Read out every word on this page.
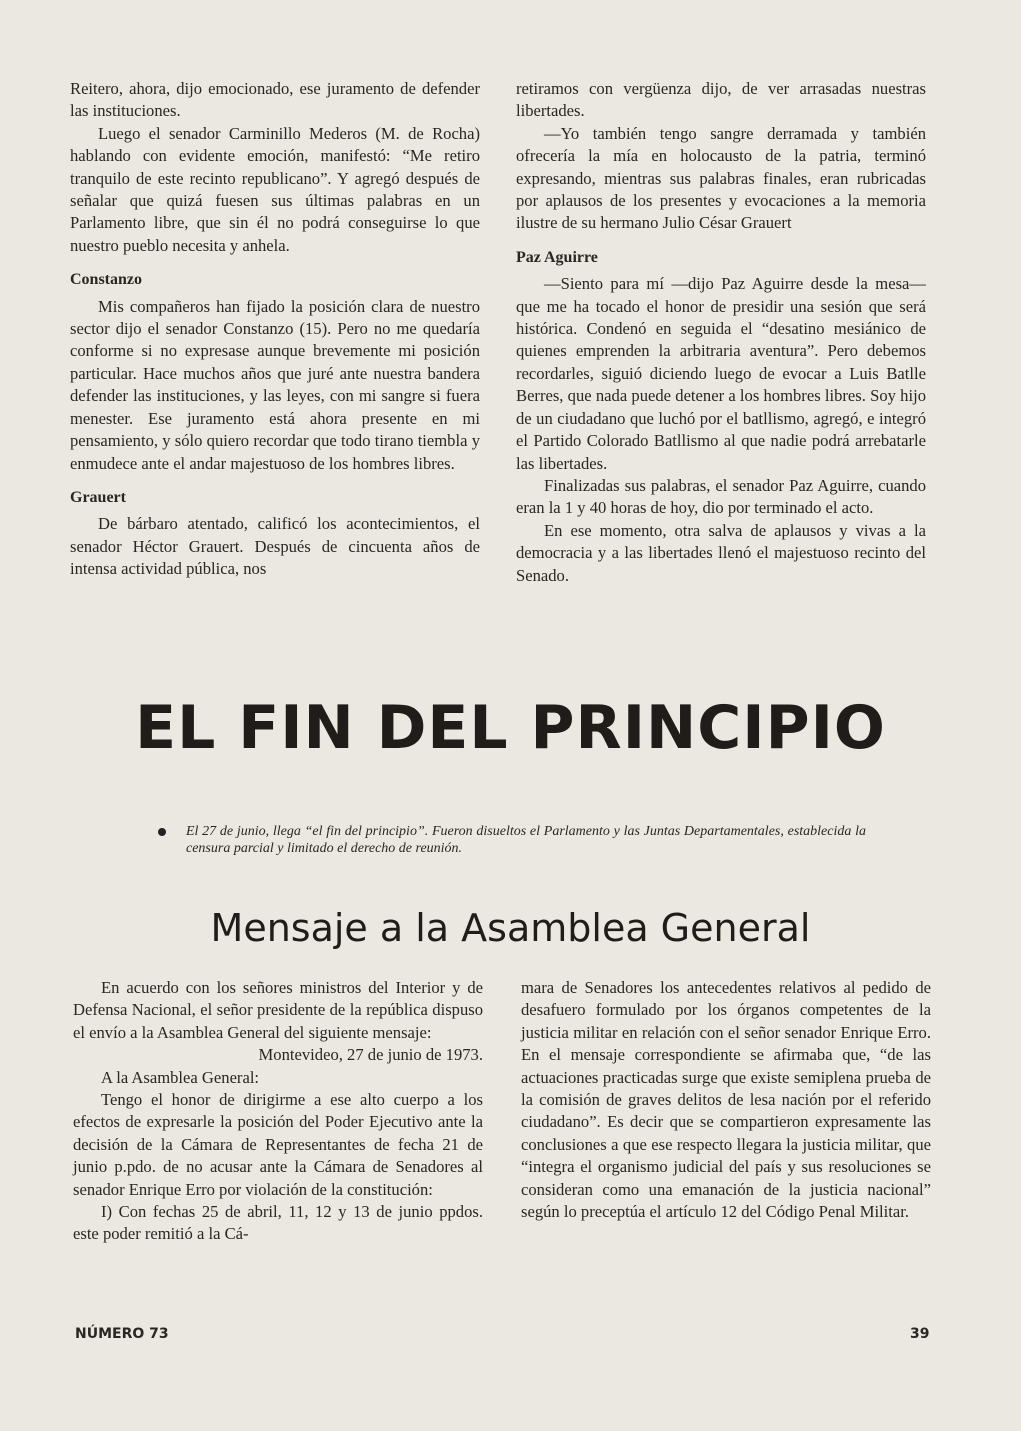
Reitero, ahora, dijo emocionado, ese juramento de defender las instituciones.

Luego el senador Carminillo Mederos (M. de Rocha) hablando con evidente emoción, manifestó: “Me retiro tranquilo de este recinto republicano”. Y agregó después de señalar que quizá fuesen sus últimas palabras en un Parlamento libre, que sin él no podrá conseguirse lo que nuestro pueblo necesita y anhela.

Constanzo

Mis compañeros han fijado la posición clara de nuestro sector dijo el senador Constanzo (15). Pero no me quedaría conforme si no expresase aunque brevemente mi posición particular. Hace muchos años que juré ante nuestra bandera defender las instituciones, y las leyes, con mi sangre si fuera menester. Ese juramento está ahora presente en mi pensamiento, y sólo quiero recordar que todo tirano tiembla y enmudece ante el andar majestuoso de los hombres libres.

Grauert

De bárbaro atentado, calificó los acontecimientos, el senador Héctor Grauert. Después de cincuenta años de intensa actividad pública, nos

retiramos con vergüenza dijo, de ver arrasadas nuestras libertades.

—Yo también tengo sangre derramada y también ofrecería la mía en holocausto de la patria, terminó expresando, mientras sus palabras finales, eran rubricadas por aplausos de los presentes y evocaciones a la memoria ilustre de su hermano Julio César Grauert

Paz Aguirre

—Siento para mí —dijo Paz Aguirre desde la mesa— que me ha tocado el honor de presidir una sesión que será histórica. Condenó en seguida el “desatino mesiánico de quienes emprenden la arbitraria aventura”. Pero debemos recordarles, siguió diciendo luego de evocar a Luis Batlle Berres, que nada puede detener a los hombres libres. Soy hijo de un ciudadano que luchó por el batllismo, agregó, e integró el Partido Colorado Batllismo al que nadie podrá arrebatarle las libertades.

Finalizadas sus palabras, el senador Paz Aguirre, cuando eran la 1 y 40 horas de hoy, dio por terminado el acto.

En ese momento, otra salva de aplausos y vivas a la democracia y a las libertades llenó el majestuoso recinto del Senado.

EL FIN DEL PRINCIPIO
El 27 de junio, llega “el fin del principio”. Fueron disueltos el Parlamento y las Juntas Departamentales, establecida la censura parcial y limitado el derecho de reunión.
Mensaje a la Asamblea General

En acuerdo con los señores ministros del Interior y de Defensa Nacional, el señor presidente de la república dispuso el envío a la Asamblea General del siguiente mensaje:

Montevideo, 27 de junio de 1973.

A la Asamblea General:

Tengo el honor de dirigirme a ese alto cuerpo a los efectos de expresarle la posición del Poder Ejecutivo ante la decisión de la Cámara de Representantes de fecha 21 de junio p.pdo. de no acusar ante la Cámara de Senadores al senador Enrique Erro por violación de la constitución:

I) Con fechas 25 de abril, 11, 12 y 13 de junio ppdos. este poder remitió a la Cá-

mara de Senadores los antecedentes relativos al pedido de desafuero formulado por los órganos competentes de la justicia militar en relación con el señor senador Enrique Erro. En el mensaje correspondiente se afirmaba que, “de las actuaciones practicadas surge que existe semiplena prueba de la comisión de graves delitos de lesa nación por el referido ciudadano”. Es decir que se compartieron expresamente las conclusiones a que ese respecto llegara la justicia militar, que “integra el organismo judicial del país y sus resoluciones se consideran como una emanación de la justicia nacional” según lo preceptúa el artículo 12 del Código Penal Militar.

NÚMERO 73	39
